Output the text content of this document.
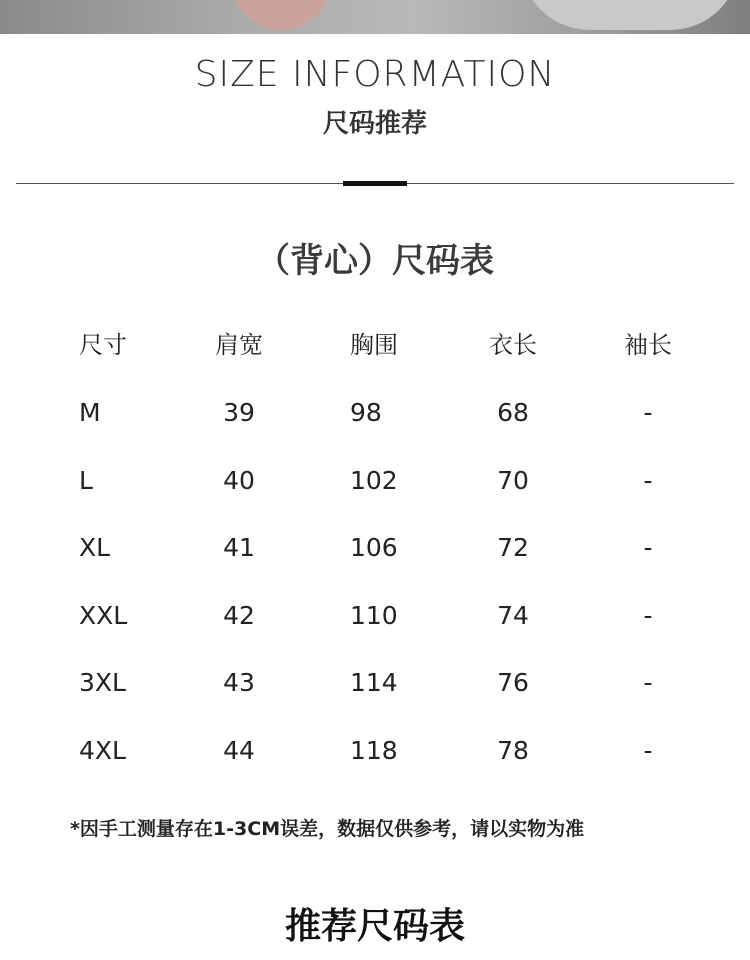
SIZE INFORMATION
尺码推荐
（背心）尺码表
尺寸	肩宽	胸围	衣长	袖长
M	39	98	68	-
L	40	102	70	-
XL	41	106	72	-
XXL	42	110	74	-
3XL	43	114	76	-
4XL	44	118	78	-
*因手工测量存在1-3CM误差，数据仅供参考，请以实物为准
推荐尺码表
